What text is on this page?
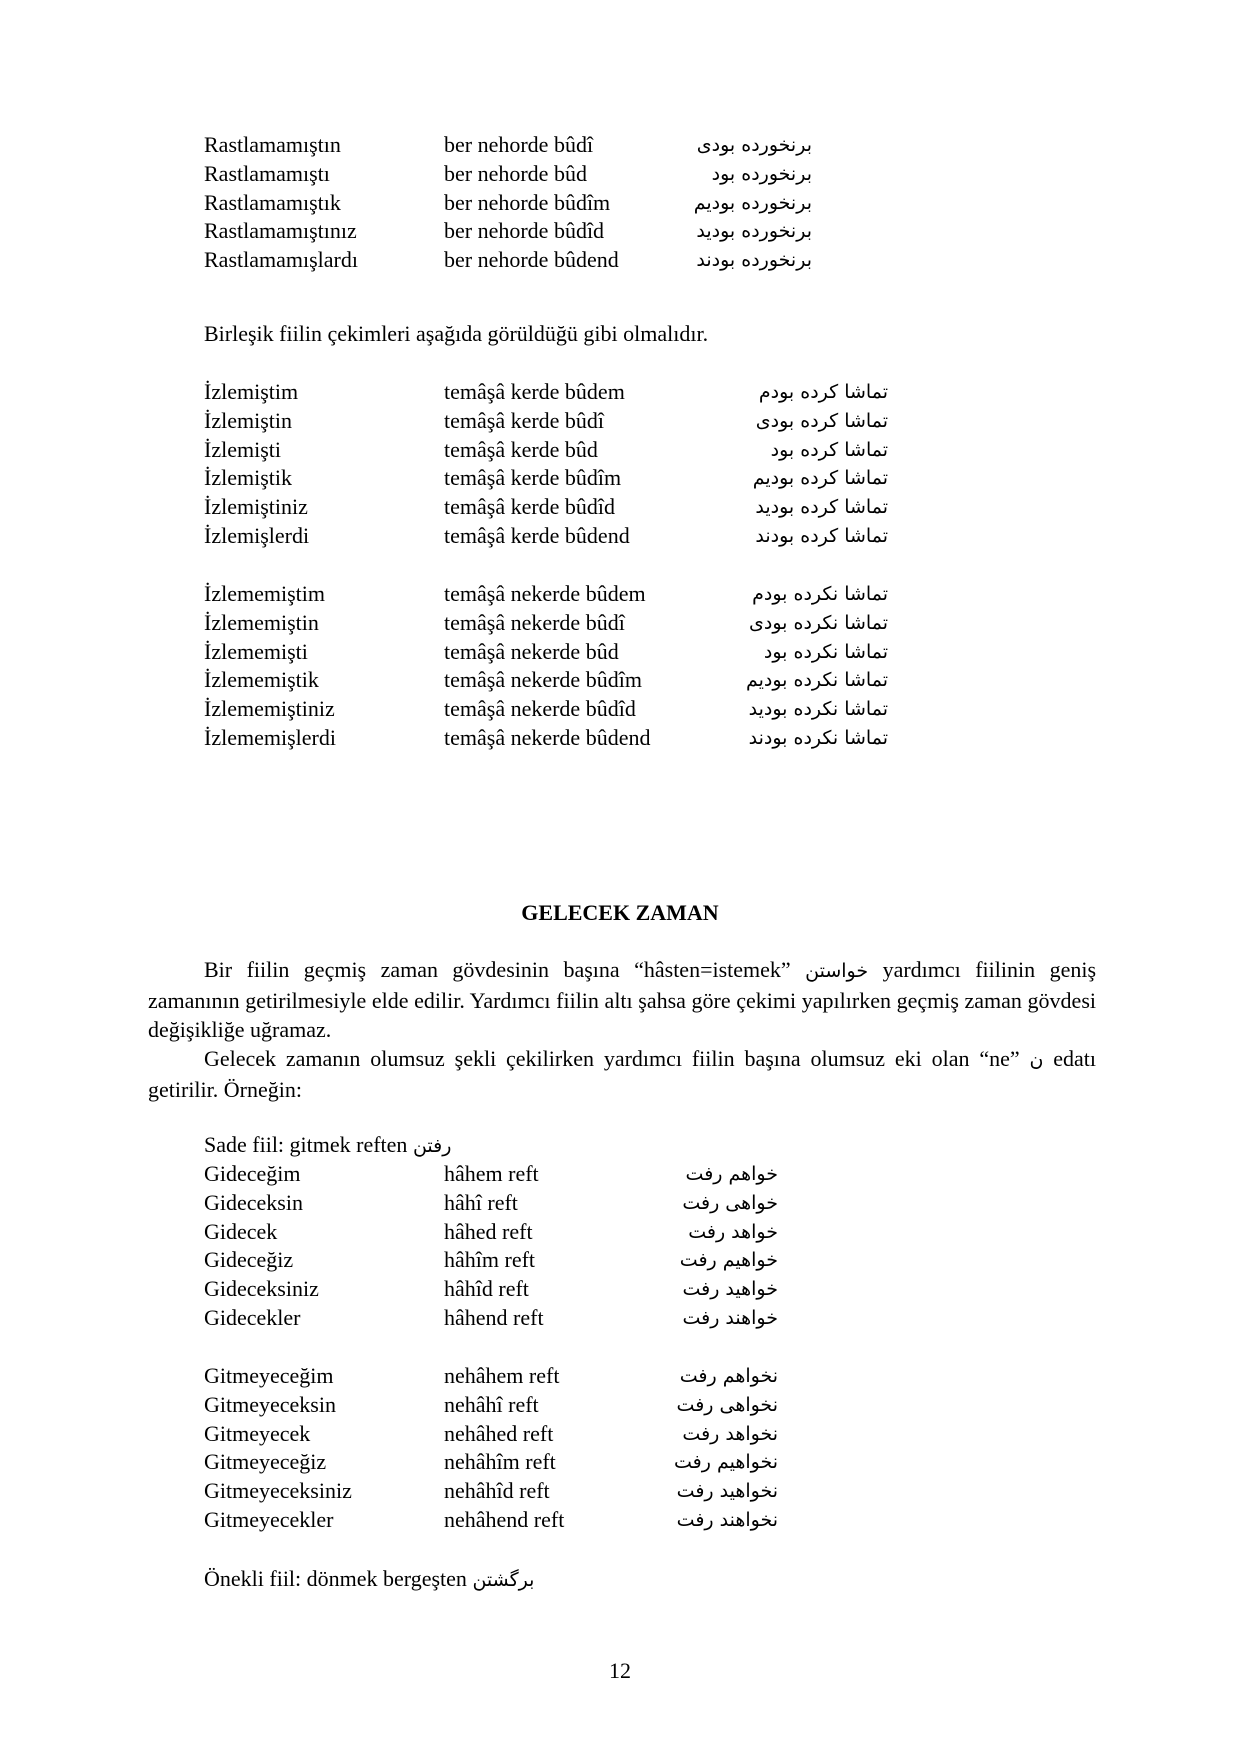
Rastlamamıştın	ber nehorde bûdî	برنخورده بودی
Rastlamamıştı	ber nehorde bûd	برنخورده بود
Rastlamamıştık	ber nehorde bûdîm	برنخورده بودیم
Rastlamamıştınız	ber nehorde bûdîd	برنخورده بودید
Rastlamamışlardı	ber nehorde bûdend	برنخورده بودند
Birleşik fiilin çekimleri aşağıda görüldüğü gibi olmalıdır.
İzlemiştim	temâşâ kerde bûdem	تماشا کرده بودم
İzlemiştin	temâşâ kerde bûdî	تماشا کرده بودی
İzlemişti	temâşâ kerde bûd	تماشا کرده بود
İzlemiştik	temâşâ kerde bûdîm	تماشا کرده بودیم
İzlemiştiniz	temâşâ kerde bûdîd	تماشا کرده بودید
İzlemişlerdi	temâşâ kerde bûdend	تماشا کرده بودند
İzlememiştim	temâşâ nekerde bûdem	تماشا نکرده بودم
İzlememiştin	temâşâ nekerde bûdî	تماشا نکرده بودی
İzlememişti	temâşâ nekerde bûd	تماشا نکرده بود
İzlememiştik	temâşâ nekerde bûdîm	تماشا نکرده بودیم
İzlememiştiniz	temâşâ nekerde bûdîd	تماشا نکرده بودید
İzlememişlerdi	temâşâ nekerde bûdend	تماشا نکرده بودند
GELECEK ZAMAN

Bir fiilin geçmiş zaman gövdesinin başına “hâsten=istemek” خواستن yardımcı fiilinin geniş zamanının getirilmesiyle elde edilir. Yardımcı fiilin altı şahsa göre çekimi yapılırken geçmiş zaman gövdesi değişikliğe uğramaz.

Gelecek zamanın olumsuz şekli çekilirken yardımcı fiilin başına olumsuz eki olan “ne” ن edatı getirilir. Örneğin:

Sade fiil: gitmek reften رفتن
Gideceğim	hâhem reft	خواهم رفت
Gideceksin	hâhî reft	خواهی رفت
Gidecek	hâhed reft	خواهد رفت
Gideceğiz	hâhîm reft	خواهیم رفت
Gideceksiniz	hâhîd reft	خواهید رفت
Gidecekler	hâhend reft	خواهند رفت
Gitmeyeceğim	nehâhem reft	نخواهم رفت
Gitmeyeceksin	nehâhî reft	نخواهی رفت
Gitmeyecek	nehâhed reft	نخواهد رفت
Gitmeyeceğiz	nehâhîm reft	نخواهیم رفت
Gitmeyeceksiniz	nehâhîd reft	نخواهید رفت
Gitmeyecekler	nehâhend reft	نخواهند رفت
Önekli fiil: dönmek bergeşten برگشتن
12
